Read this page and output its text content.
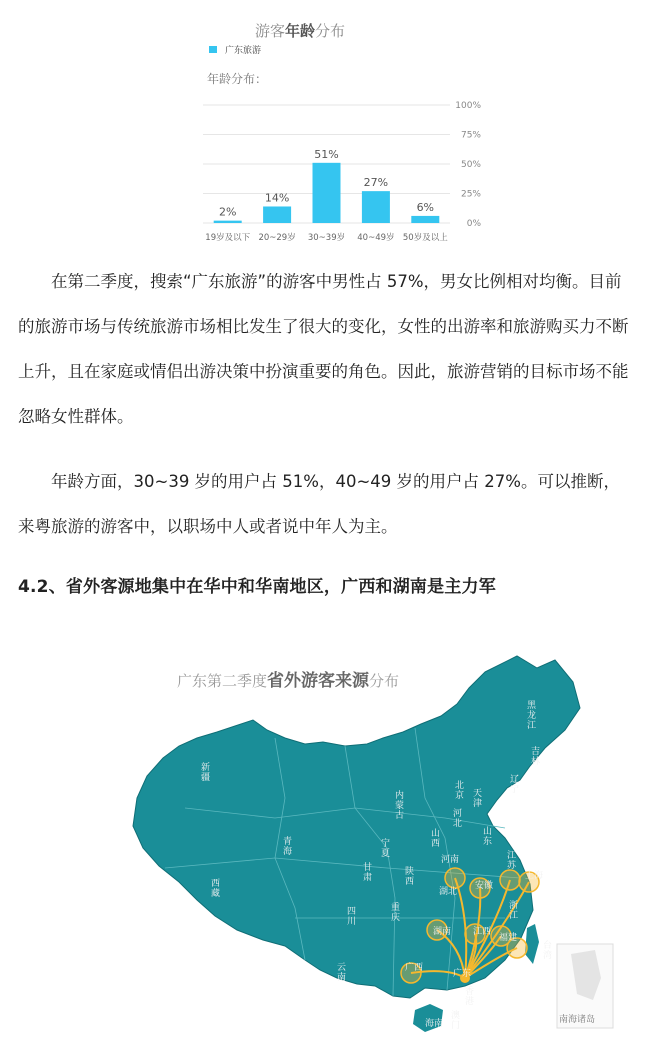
游客年龄分布
广东旅游
年龄分布：
0%
25%
50%
75%
100%
2%
19岁及以下
14%
20~29岁
51%
30~39岁
27%
40~49岁
6%
50岁及以上

在第二季度，搜索“广东旅游”的游客中男性占 57%，男女比例相对均衡。目前的旅游市场与传统旅游市场相比发生了很大的变化，女性的出游率和旅游购买力不断上升，且在家庭或情侣出游决策中扮演重要的角色。因此，旅游营销的目标市场不能忽略女性群体。

年龄方面，30~39 岁的用户占 51%，40~49 岁的用户占 27%。可以推断，来粤旅游的游客中，以职场中人或者说中年人为主。

4.2、省外客源地集中在华中和华南地区，广西和湖南是主力军
广东第二季度省外游客来源分布
南海诸岛
黑龙江
吉林
辽宁
新疆
内蒙古
北京 天津
河北
山东
宁夏
山西
青海
甘肃
陕西
西藏
四川
重庆
江苏
浙江
湖北
湖南 江西
福建
云南
广西
广东
香港
澳门
海南
台湾
上海
安徽
河南
